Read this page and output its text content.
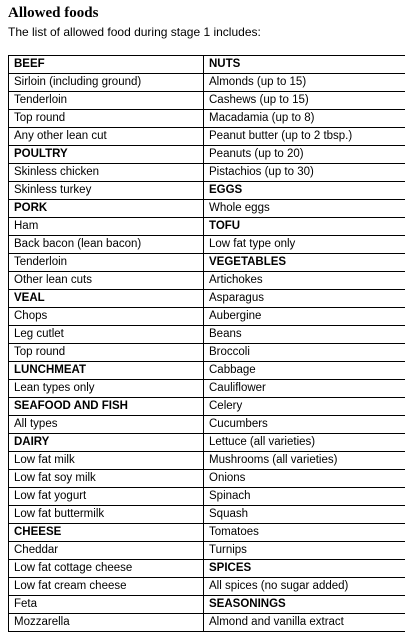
Allowed foods

The list of allowed food during stage 1 includes:

BEEF	NUTS
Sirloin (including ground)	Almonds (up to 15)
Tenderloin	Cashews (up to 15)
Top round	Macadamia (up to 8)
Any other lean cut	Peanut butter (up to 2 tbsp.)
POULTRY	Peanuts (up to 20)
Skinless chicken	Pistachios (up to 30)
Skinless turkey	EGGS
PORK	Whole eggs
Ham	TOFU
Back bacon (lean bacon)	Low fat type only
Tenderloin	VEGETABLES
Other lean cuts	Artichokes
VEAL	Asparagus
Chops	Aubergine
Leg cutlet	Beans
Top round	Broccoli
LUNCHMEAT	Cabbage
Lean types only	Cauliflower
SEAFOOD AND FISH	Celery
All types	Cucumbers
DAIRY	Lettuce (all varieties)
Low fat milk	Mushrooms (all varieties)
Low fat soy milk	Onions
Low fat yogurt	Spinach
Low fat buttermilk	Squash
CHEESE	Tomatoes
Cheddar	Turnips
Low fat cottage cheese	SPICES
Low fat cream cheese	All spices (no sugar added)
Feta	SEASONINGS
Mozzarella	Almond and vanilla extract
